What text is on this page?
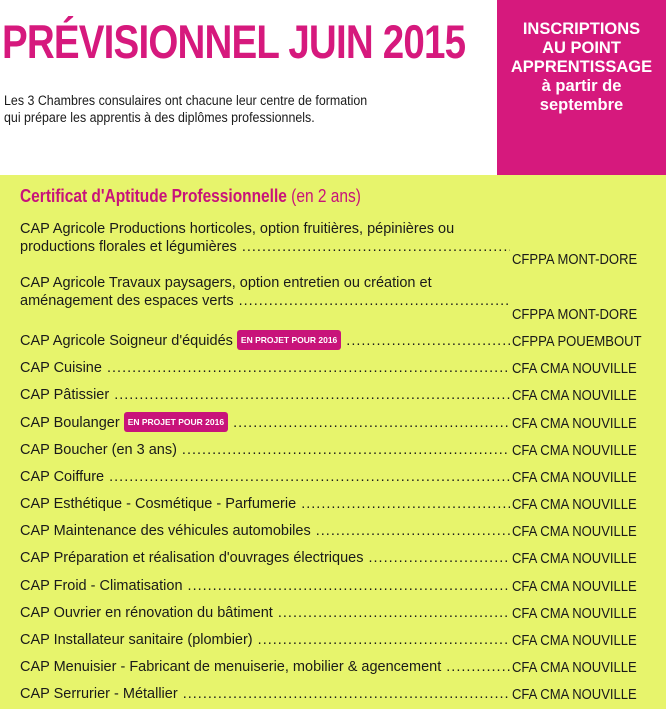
PRÉVISIONNEL JUIN 2015
Les 3 Chambres consulaires ont chacune leur centre de formation
qui prépare les apprentis à des diplômes professionnels.
INSCRIPTIONS
AU POINT
APPRENTISSAGE
à partir de
septembre
Certificat d'Aptitude Professionnelle (en 2 ans)
CAP Agricole Productions horticoles, option fruitières, pépinières ou
productions florales et légumières .....
CFPPA MONT-DORE
CAP Agricole Travaux paysagers, option entretien ou création et
aménagement des espaces verts .....
CFPPA MONT-DORE
CAP Agricole Soigneur d'équidés EN PROJET POUR 2016 .....	CFPPA POUEMBOUT
CAP Cuisine .....	CFA CMA NOUVILLE
CAP Pâtissier .....	CFA CMA NOUVILLE
CAP Boulanger EN PROJET POUR 2016 .....	CFA CMA NOUVILLE
CAP Boucher (en 3 ans) .....	CFA CMA NOUVILLE
CAP Coiffure .....	CFA CMA NOUVILLE
CAP Esthétique - Cosmétique - Parfumerie .....	CFA CMA NOUVILLE
CAP Maintenance des véhicules automobiles .....	CFA CMA NOUVILLE
CAP Préparation et réalisation d'ouvrages électriques .....	CFA CMA NOUVILLE
CAP Froid - Climatisation .....	CFA CMA NOUVILLE
CAP Ouvrier en rénovation du bâtiment .....	CFA CMA NOUVILLE
CAP Installateur sanitaire (plombier) .....	CFA CMA NOUVILLE
CAP Menuisier - Fabricant de menuiserie, mobilier & agencement .....	CFA CMA NOUVILLE
CAP Serrurier - Métallier .....	CFA CMA NOUVILLE
